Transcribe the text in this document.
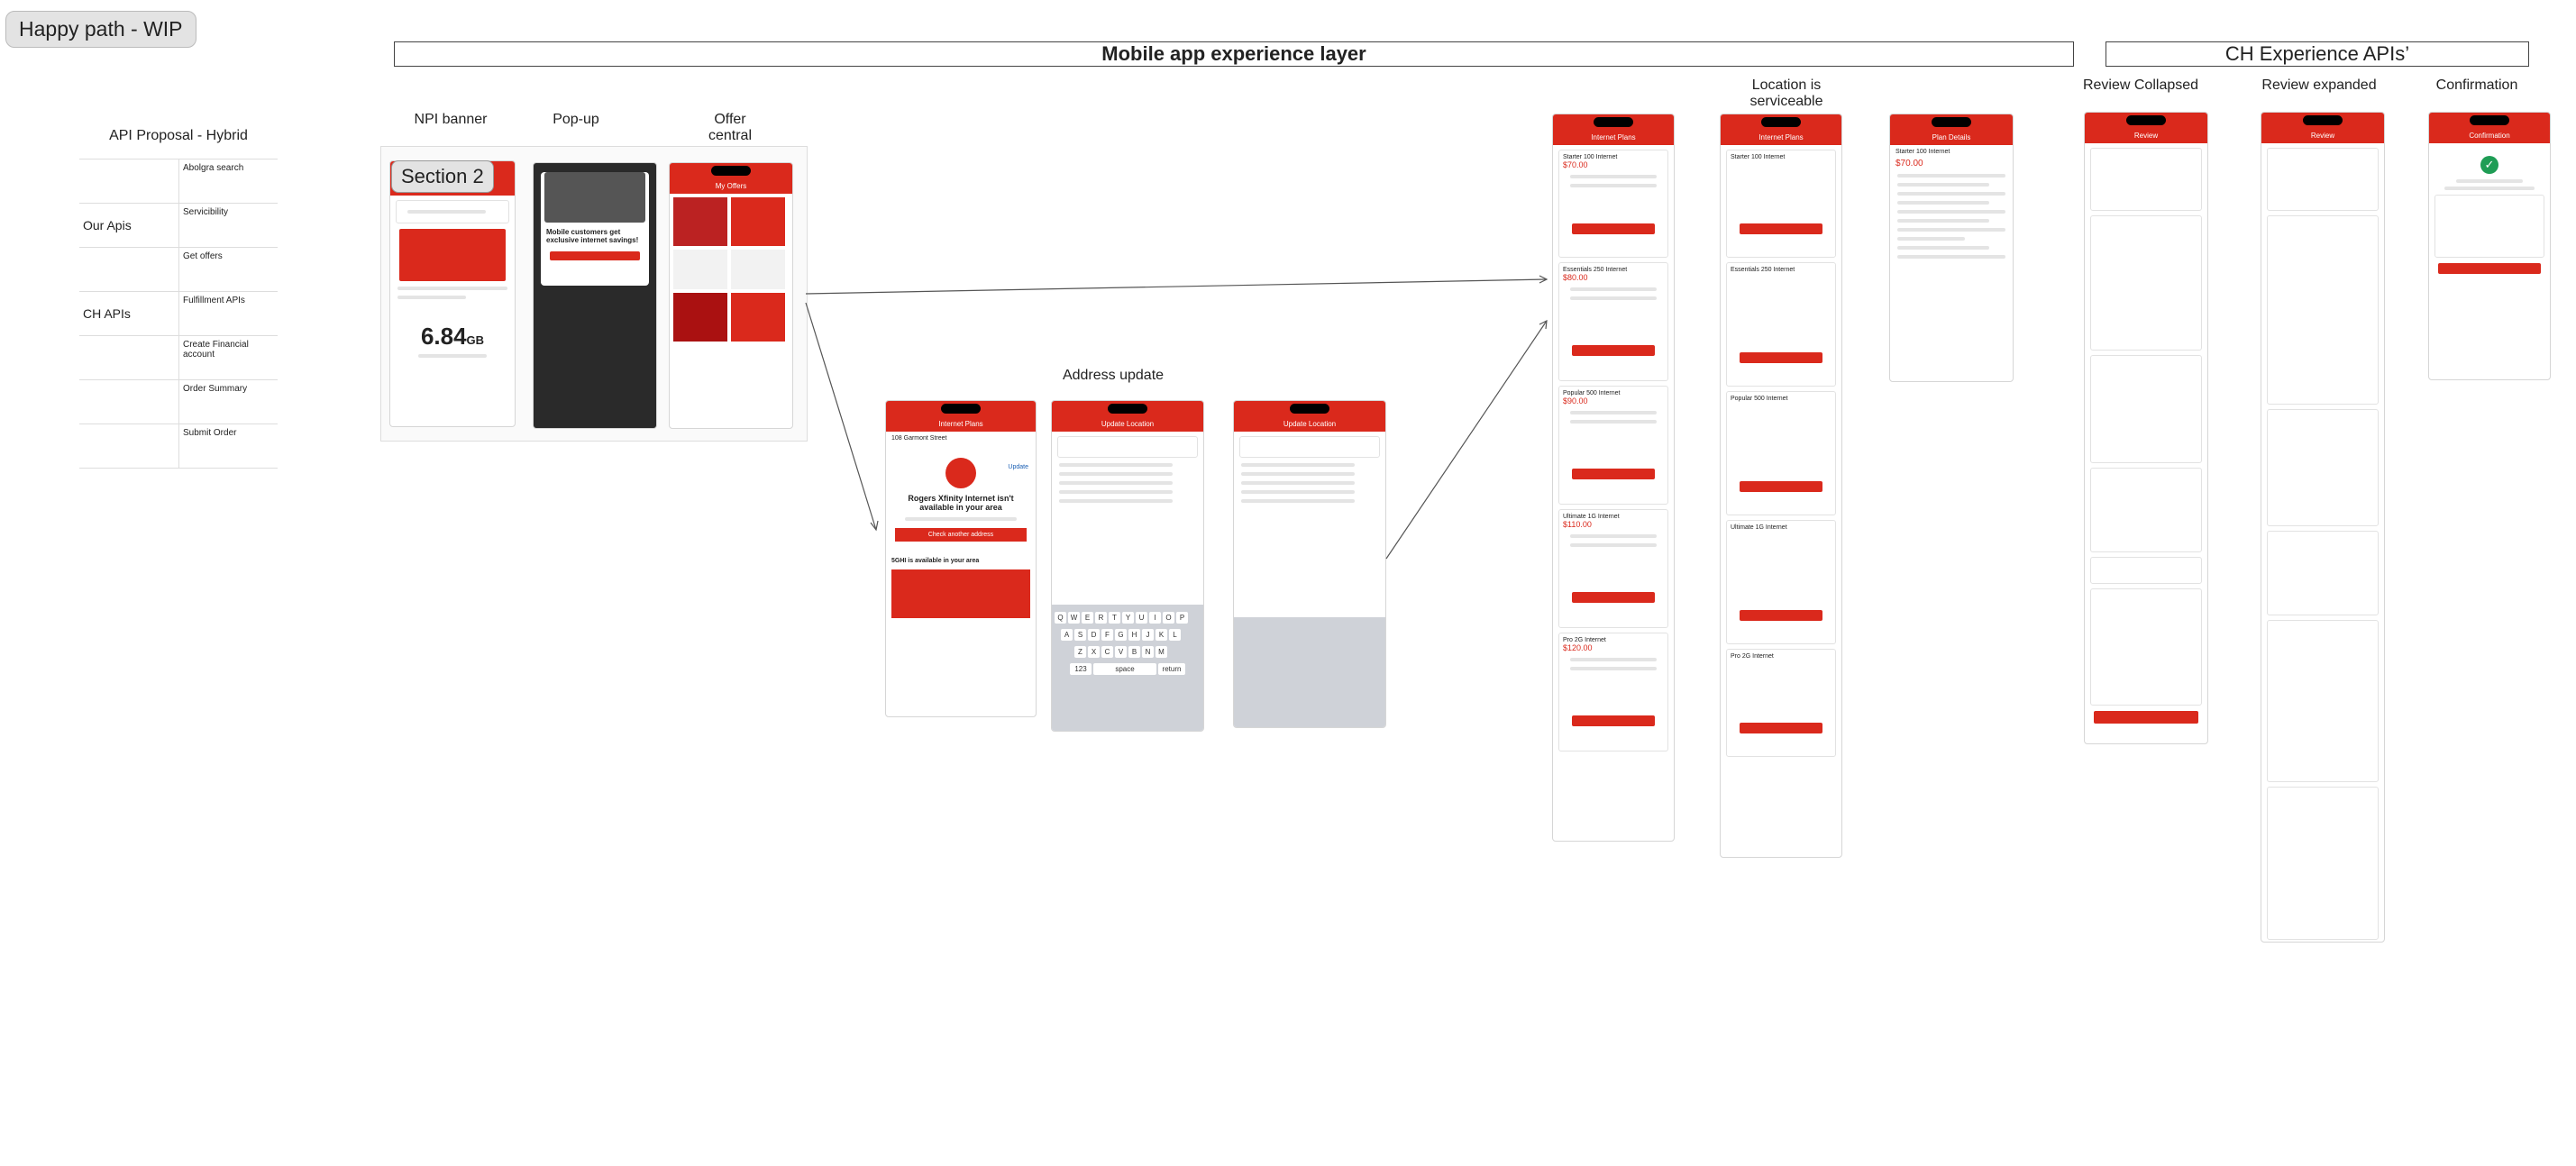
Happy path - WIP
Mobile app experience layer	CH Experience APIs’
API Proposal - Hybrid
	Abolgra search
Our Apis	Servicibility
	Get offers
CH APIs	Fulfillment APIs
	Create Financial account
	Order Summary
	Submit Order
NPI banner	Pop-up	Offer central
6.84GB
Section 2
Mobile customers get exclusive internet savings!
My Offers
Address update
Internet Plans
108 Garmont Street
Update
Rogers Xfinity Internet isn't available in your area
Check another address
5GHI is available in your area
Update Location
Q W E R T Y U I O P
A S D F G H J K L
Z X C V B N M
123	space	return
Update Location
Internet Plans
Starter 100 Internet
$70.00
Essentials 250 Internet
$80.00
Popular 500 Internet
$90.00
Ultimate 1G Internet
$110.00
Pro 2G Internet
$120.00
Location is serviceable
Internet Plans
Starter 100 Internet
Essentials 250 Internet
Popular 500 Internet
Ultimate 1G Internet
Pro 2G Internet
Plan Details
Starter 100 Internet
$70.00
Review Collapsed
Review
Review expanded
Review
Confirmation
Confirmation
✓
